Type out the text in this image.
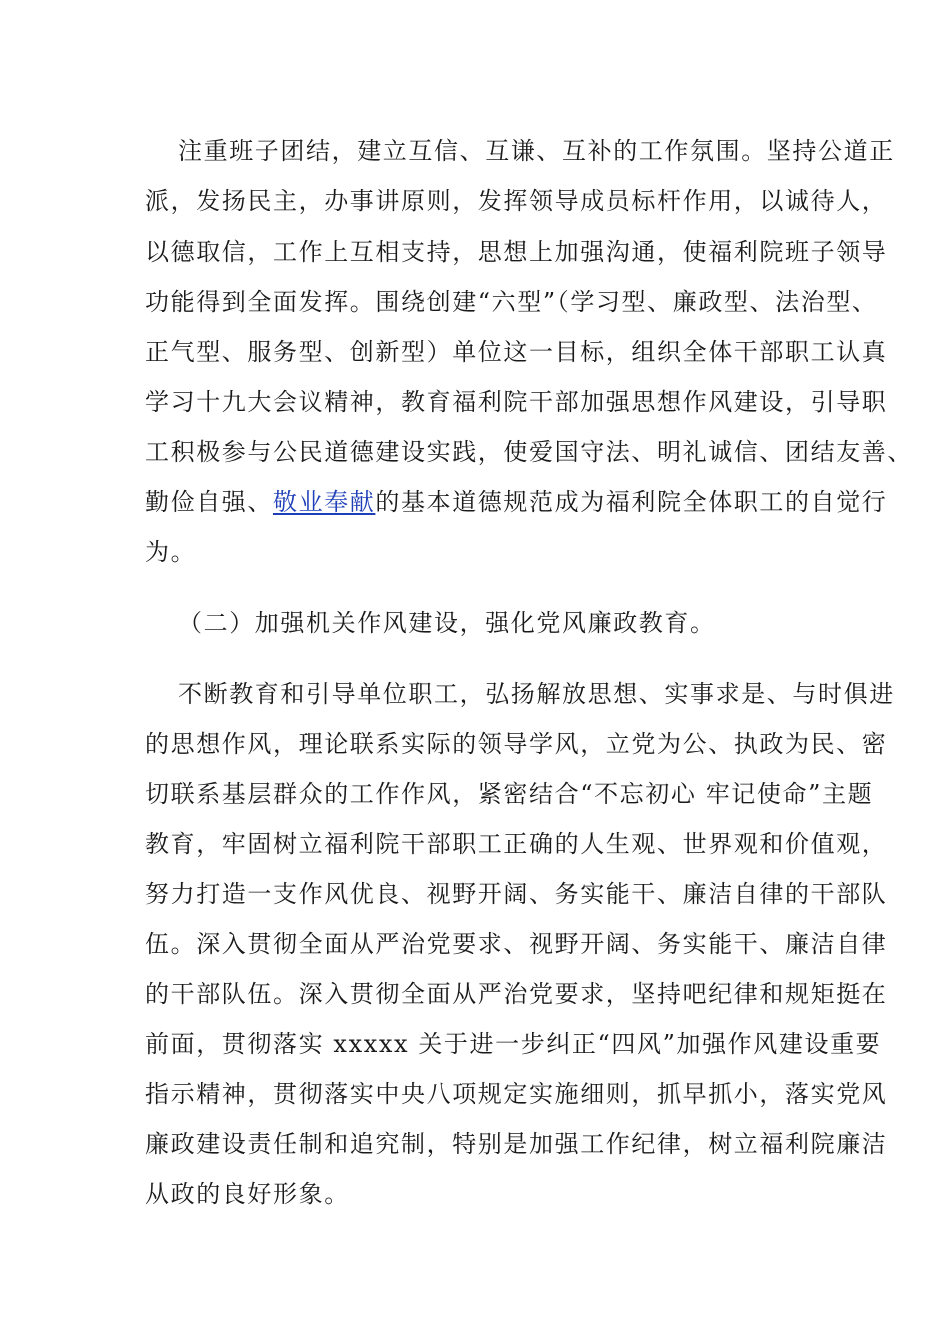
注重班子团结，建立互信、互谦、互补的工作氛围。坚持公道正
派，发扬民主，办事讲原则，发挥领导成员标杆作用，以诚待人，
以德取信，工作上互相支持，思想上加强沟通，使福利院班子领导
功能得到全面发挥。围绕创建“六型”（学习型、廉政型、法治型、
正气型、服务型、创新型）单位这一目标，组织全体干部职工认真
学习十九大会议精神，教育福利院干部加强思想作风建设，引导职
工积极参与公民道德建设实践，使爱国守法、明礼诚信、团结友善、
勤俭自强、敬业奉献的基本道德规范成为福利院全体职工的自觉行
为。
（二）加强机关作风建设，强化党风廉政教育。
不断教育和引导单位职工，弘扬解放思想、实事求是、与时俱进
的思想作风，理论联系实际的领导学风，立党为公、执政为民、密
切联系基层群众的工作作风，紧密结合“不忘初心 牢记使命”主题
教育，牢固树立福利院干部职工正确的人生观、世界观和价值观，
努力打造一支作风优良、视野开阔、务实能干、廉洁自律的干部队
伍。深入贯彻全面从严治党要求、视野开阔、务实能干、廉洁自律
的干部队伍。深入贯彻全面从严治党要求，坚持吧纪律和规矩挺在
前面，贯彻落实 xxxxx 关于进一步纠正“四风”加强作风建设重要
指示精神，贯彻落实中央八项规定实施细则，抓早抓小，落实党风
廉政建设责任制和追究制，特别是加强工作纪律，树立福利院廉洁
从政的良好形象。
